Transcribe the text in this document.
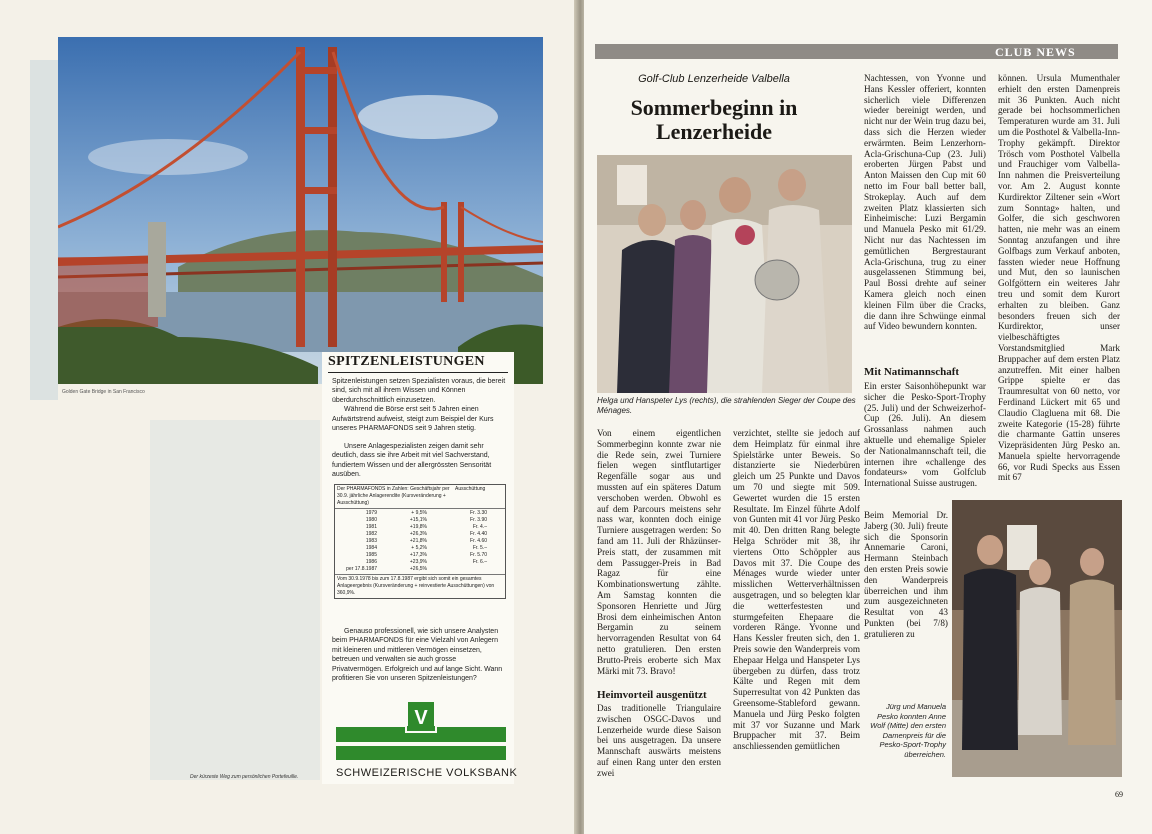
Golden Gate Bridge in San Francisco
SPITZENLEISTUNGEN
Spitzenleistungen setzen Spezialisten voraus, die bereit sind, sich mit all ihrem Wissen und Können überdurchschnittlich einzusetzen.
Während die Börse erst seit 5 Jahren einen Aufwärtstrend aufweist, steigt zum Beispiel der Kurs unseres PHARMAFONDS seit 9 Jahren stetig.
Unsere Anlagespezialisten zeigen damit sehr deutlich, dass sie ihre Arbeit mit viel Sachverstand, fundiertem Wissen und der allergrössten Sensorität ausüben.
Der PHARMAFONDS in Zahlen: Geschäftsjahr per 30.9. jährliche Anlagerendite (Kursveränderung + Ausschüttung)
Ausschüttung
1979	+ 9,5%	Fr. 3.30
1980	+15,1%	Fr. 3.90
1981	+19,8%	Fr. 4.–
1982	+26,3%	Fr. 4.40
1983	+21,8%	Fr. 4.60
1984	+ 5,2%	Fr. 5.–
1985	+17,3%	Fr. 5.70
1986	+23,9%	Fr. 6.–
per 17.8.1987	+26,5%
Vom 30.9.1978 bis zum 17.8.1987 ergibt sich somit ein gesamtes Anlageergebnis (Kursveränderung + reinvestierte Ausschüttungen) von 360,9%.
Genauso professionell, wie sich unsere Analysten beim PHARMAFONDS für eine Vielzahl von Anlegern mit kleineren und mittleren Vermögen einsetzen, betreuen und verwalten sie auch grosse Privatvermögen. Erfolgreich und auf lange Sicht. Wann profitieren Sie von unseren Spitzenleistungen?
V
SCHWEIZERISCHE VOLKSBANK
Der kürzeste Weg zum persönlichen Portefeuille.
CLUB NEWS
Golf-Club Lenzerheide Valbella
Sommerbeginn in Lenzerheide
Helga und Hanspeter Lys (rechts), die strahlenden Sieger der Coupe des Ménages.
Von einem eigentlichen Sommerbeginn konnte zwar nie die Rede sein, zwei Turniere fielen wegen sintflutartiger Regenfälle sogar aus und mussten auf ein späteres Datum verschoben werden. Obwohl es auf dem Parcours meistens sehr nass war, konnten doch einige Turniere ausgetragen werden: So fand am 11. Juli der Rhäzünser-Preis statt, der zusammen mit dem Passugger-Preis in Bad Ragaz für eine Kombinationswertung zählte. Am Samstag konnten die Sponsoren Henriette und Jürg Brosi dem einheimischen Anton Bergamin zu seinem hervorragenden Resultat von 64 netto gratulieren. Den ersten Brutto-Preis eroberte sich Max Märki mit 73. Bravo!
Heimvorteil ausgenützt
Das traditionelle Triangulaire zwischen OSGC-Davos und Lenzerheide wurde diese Saison bei uns ausgetragen. Da unsere Mannschaft auswärts meistens auf einen Rang unter den ersten zwei
verzichtet, stellte sie jedoch auf dem Heimplatz für einmal ihre Spielstärke unter Beweis. So distanzierte sie Niederbüren gleich um 25 Punkte und Davos um 70 und siegte mit 509. Gewertet wurden die 15 ersten Resultate. Im Einzel führte Adolf von Gunten mit 41 vor Jürg Pesko mit 40. Den dritten Rang belegte Helga Schröder mit 38, ihr viertens Otto Schöppler aus Davos mit 37. Die Coupe des Ménages wurde wieder unter misslichen Wetterverhältnissen ausgetragen, und so belegten klar die wetterfestesten und sturmgefeiten Ehepaare die vorderen Ränge. Yvonne und Hans Kessler freuten sich, den 1. Preis sowie den Wanderpreis vom Ehepaar Helga und Hanspeter Lys übergeben zu dürfen, dass trotz Kälte und Regen mit dem Superresultat von 42 Punkten das Greensome-Stableford gewann. Manuela und Jürg Pesko folgten mit 37 vor Suzanne und Mark Bruppacher mit 37. Beim anschliessenden gemütlichen
Nachtessen, von Yvonne und Hans Kessler offeriert, konnten sicherlich viele Differenzen wieder bereinigt werden, und nicht nur der Wein trug dazu bei, dass sich die Herzen wieder erwärmten. Beim Lenzerhorn-Acla-Grischuna-Cup (23. Juli) eroberten Jürgen Pabst und Anton Maissen den Cup mit 60 netto im Four ball better ball, Strokeplay. Auch auf dem zweiten Platz klassierten sich Einheimische: Luzi Bergamin und Manuela Pesko mit 61/29. Nicht nur das Nachtessen im gemütlichen Bergrestaurant Acla-Grischuna, trug zu einer ausgelassenen Stimmung bei, Paul Bossi drehte auf seiner Kamera gleich noch einen kleinen Film über die Cracks, die dann ihre Schwünge einmal auf Video bewundern konnten.
Mit Natimannschaft
Ein erster Saisonhöhepunkt war sicher die Pesko-Sport-Trophy (25. Juli) und der Schweizerhof-Cup (26. Juli). An diesem Grossanlass nahmen auch aktuelle und ehemalige Spieler der Nationalmannschaft teil, die internen ihre «challenge des fondateurs» vom Golfclub International Suisse austrugen.
Beim Memorial Dr. Jaberg (30. Juli) freute sich die Sponsorin Annemarie Caroni, Hermann Steinbach den ersten Preis sowie den Wanderpreis überreichen und ihm zum ausgezeichneten Resultat von 43 Punkten (bei 7/8) gratulieren zu
können. Ursula Mumenthaler erhielt den ersten Damenpreis mit 36 Punkten. Auch nicht gerade bei hochsommerlichen Temperaturen wurde am 31. Juli um die Posthotel & Valbella-Inn-Trophy gekämpft. Direktor Trösch vom Posthotel Valbella und Frauchiger vom Valbella-Inn nahmen die Preisverteilung vor. Am 2. August konnte Kurdirektor Ziltener sein «Wort zum Sonntag» halten, und Golfer, die sich geschworen hatten, nie mehr was an einem Sonntag anzufangen und ihre Golfbags zum Verkauf anboten, fassten wieder neue Hoffnung und Mut, den so launischen Golfgöttern ein weiteres Jahr treu und somit dem Kurort erhalten zu bleiben. Ganz besonders freuen sich der Kurdirektor, unser vielbeschäftigtes Vorstandsmitglied Mark Bruppacher auf dem ersten Platz anzutreffen. Mit einer halben Grippe spielte er das Traumresultat von 60 netto, vor Ferdinand Lückert mit 65 und Claudio Clagluena mit 68. Die zweite Kategorie (15-28) führte die charmante Gattin unseres Vizepräsidenten Jürg Pesko an. Manuela spielte hervorragende 66, vor Rudi Specks aus Essen mit 67
Jürg und Manuela Pesko konnten Anne Wolf (Mitte) den ersten Damenpreis für die Pesko-Sport-Trophy überreichen.
69
